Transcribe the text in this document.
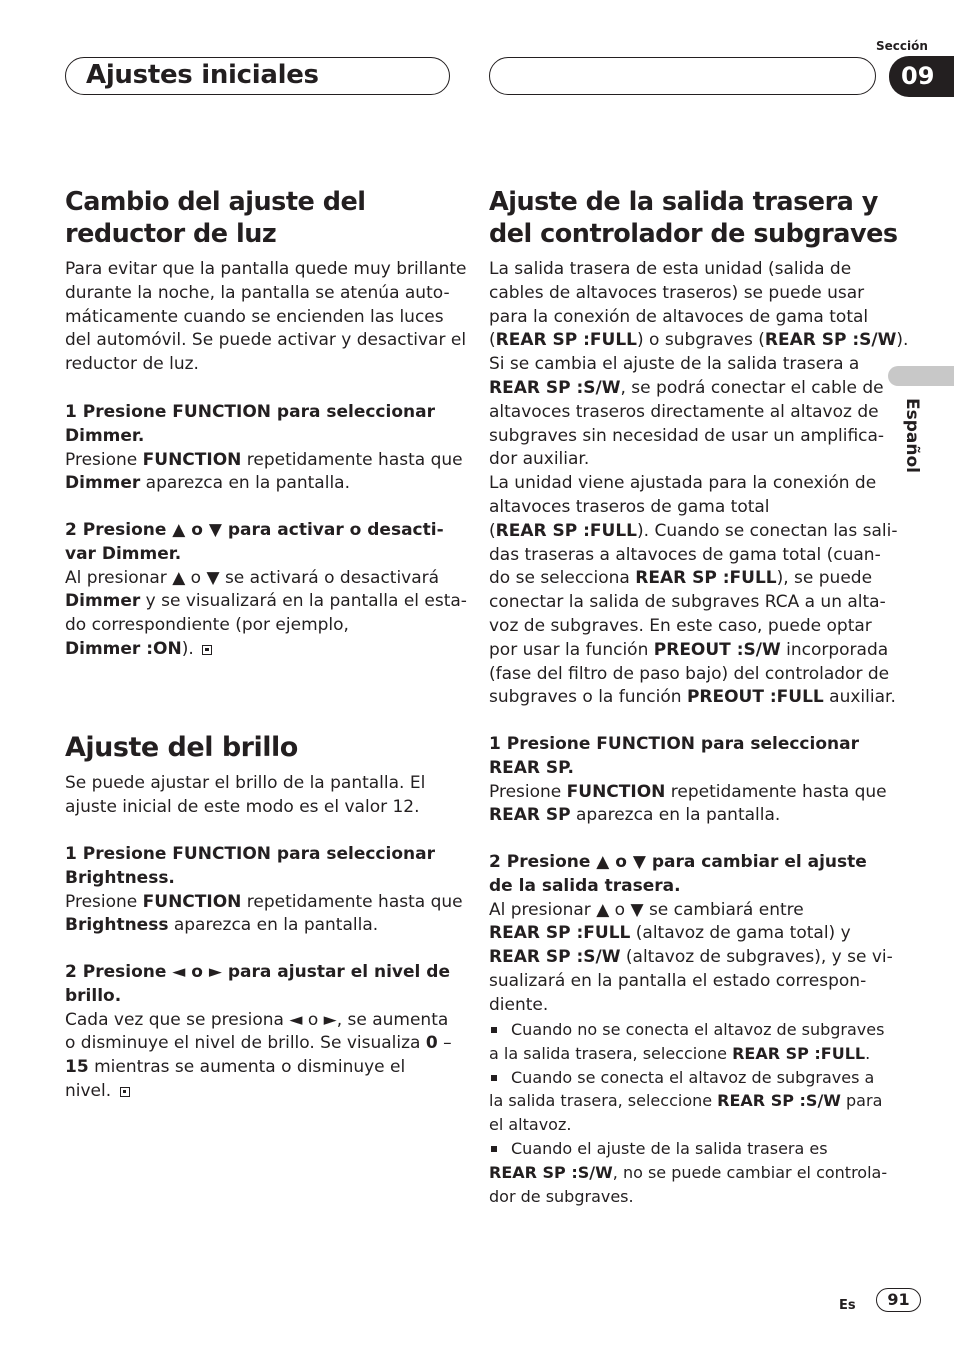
Ajustes iniciales
Sección
09
Español
Cambio del ajuste del
reductor de luz
Para evitar que la pantalla quede muy brillante
durante la noche, la pantalla se atenúa auto-
máticamente cuando se encienden las luces
del automóvil. Se puede activar y desactivar el
reductor de luz.
1 Presione FUNCTION para seleccionar
Dimmer.
Presione FUNCTION repetidamente hasta que
Dimmer aparezca en la pantalla.
2 Presione ▲ o ▼ para activar o desacti-
var Dimmer.
Al presionar ▲ o ▼ se activará o desactivará
Dimmer y se visualizará en la pantalla el esta-
do correspondiente (por ejemplo,
Dimmer :ON).
Ajuste del brillo
Se puede ajustar el brillo de la pantalla. El
ajuste inicial de este modo es el valor 12.
1 Presione FUNCTION para seleccionar
Brightness.
Presione FUNCTION repetidamente hasta que
Brightness aparezca en la pantalla.
2 Presione ◄ o ► para ajustar el nivel de
brillo.
Cada vez que se presiona ◄ o ►, se aumenta
o disminuye el nivel de brillo. Se visualiza 0 –
15 mientras se aumenta o disminuye el
nivel.
Ajuste de la salida trasera y
del controlador de subgraves
La salida trasera de esta unidad (salida de
cables de altavoces traseros) se puede usar
para la conexión de altavoces de gama total
(REAR SP :FULL) o subgraves (REAR SP :S/W).
Si se cambia el ajuste de la salida trasera a
REAR SP :S/W, se podrá conectar el cable de
altavoces traseros directamente al altavoz de
subgraves sin necesidad de usar un amplifica-
dor auxiliar.
La unidad viene ajustada para la conexión de
altavoces traseros de gama total
(REAR SP :FULL). Cuando se conectan las sali-
das traseras a altavoces de gama total (cuan-
do se selecciona REAR SP :FULL), se puede
conectar la salida de subgraves RCA a un alta-
voz de subgraves. En este caso, puede optar
por usar la función PREOUT :S/W incorporada
(fase del filtro de paso bajo) del controlador de
subgraves o la función PREOUT :FULL auxiliar.
1 Presione FUNCTION para seleccionar
REAR SP.
Presione FUNCTION repetidamente hasta que
REAR SP aparezca en la pantalla.
2 Presione ▲ o ▼ para cambiar el ajuste
de la salida trasera.
Al presionar ▲ o ▼ se cambiará entre
REAR SP :FULL (altavoz de gama total) y
REAR SP :S/W (altavoz de subgraves), y se vi-
sualizará en la pantalla el estado correspon-
diente.
Cuando no se conecta el altavoz de subgraves
a la salida trasera, seleccione REAR SP :FULL.
Cuando se conecta el altavoz de subgraves a
la salida trasera, seleccione REAR SP :S/W para
el altavoz.
Cuando el ajuste de la salida trasera es
REAR SP :S/W, no se puede cambiar el controla-
dor de subgraves.
Es	91
